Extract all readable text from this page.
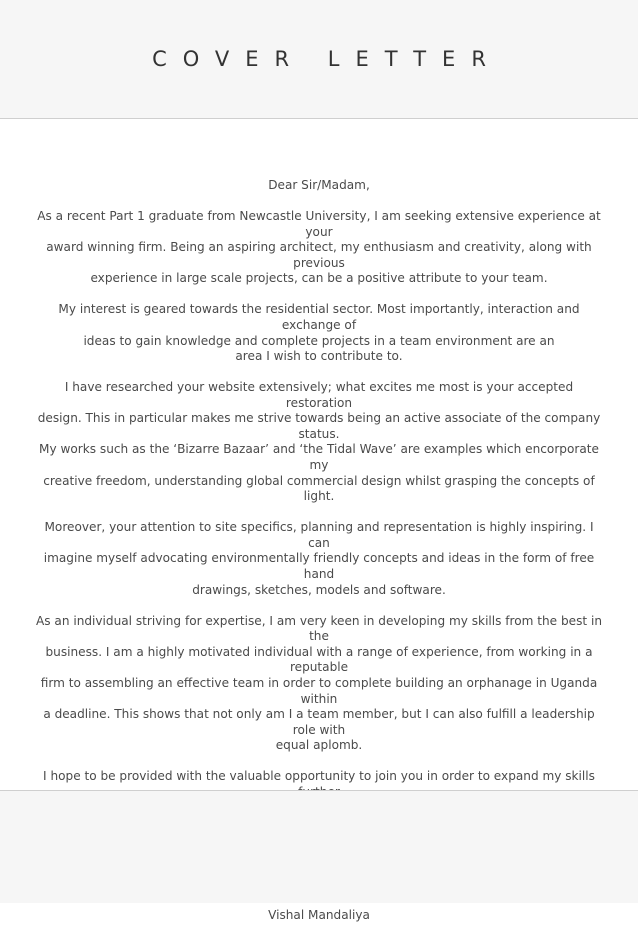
COVER LETTER

Dear Sir/Madam,

As a recent Part 1 graduate from Newcastle University, I am seeking extensive experience at your
award winning firm. Being an aspiring architect, my enthusiasm and creativity, along with previous
experience in large scale projects, can be a positive attribute to your team.

My interest is geared towards the residential sector. Most importantly, interaction and exchange of
ideas to gain knowledge and complete projects in a team environment are an
area I wish to contribute to.

I have researched your website extensively; what excites me most is your accepted restoration
design. This in particular makes me strive towards being an active associate of the company status.
My works such as the ‘Bizarre Bazaar’ and ‘the Tidal Wave’ are examples which encorporate my
creative freedom, understanding global commercial design whilst grasping the concepts of light.

Moreover, your attention to site specifics, planning and representation is highly inspiring. I can
imagine myself advocating environmentally friendly concepts and ideas in the form of free hand
drawings, sketches, models and software.

As an individual striving for expertise, I am very keen in developing my skills from the best in the
business. I am a highly motivated individual with a range of experience, from working in a reputable
firm to assembling an effective team in order to complete building an orphanage in Uganda within
a deadline. This shows that not only am I a team member, but I can also fulfill a leadership role with
equal aplomb.

I hope to be provided with the valuable opportunity to join you in order to expand my skills

Vishal Mandaliya
